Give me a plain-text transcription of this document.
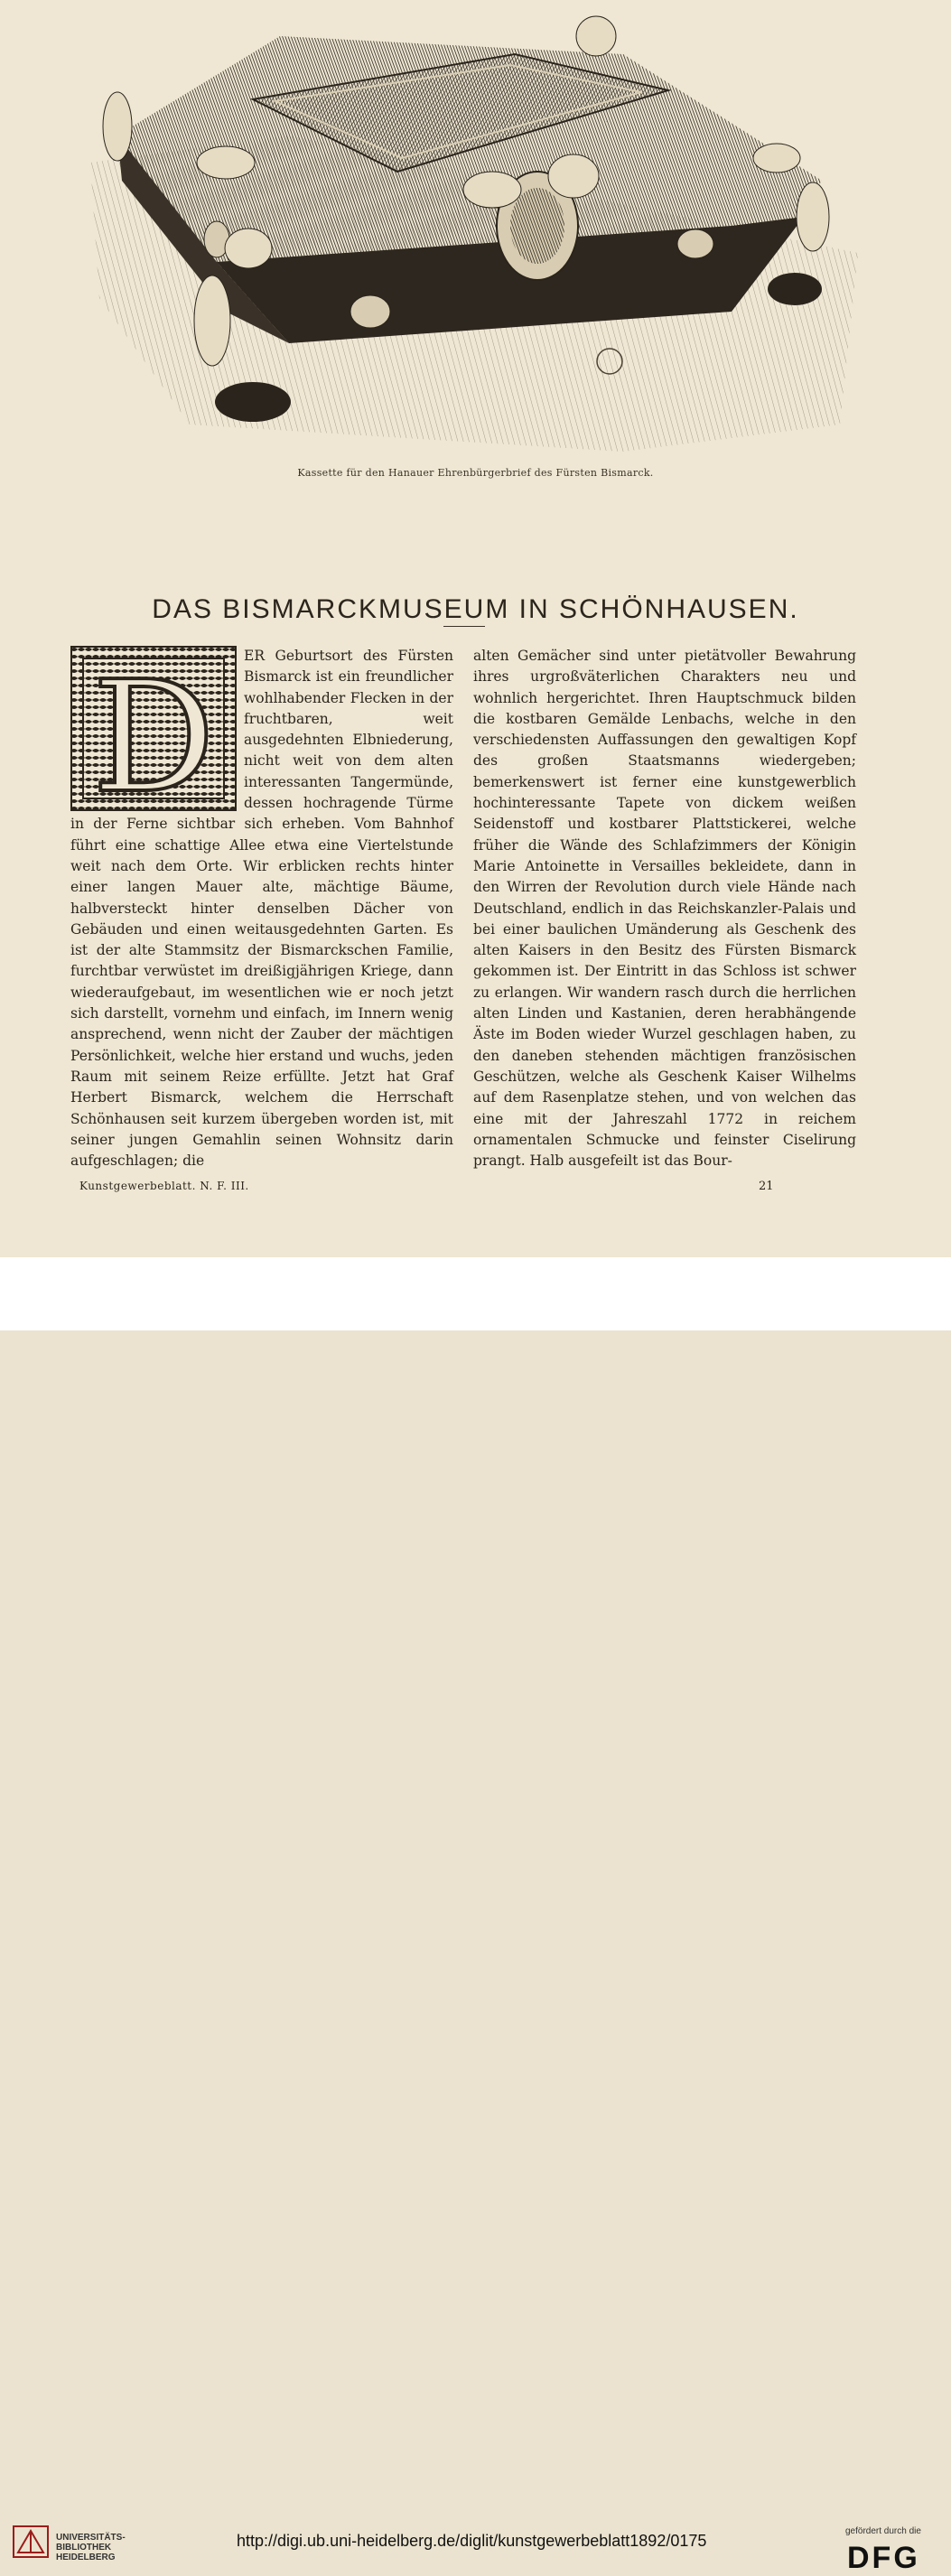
Kassette für den Hanauer Ehrenbürgerbrief des Fürsten Bismarck.
DAS BISMARCKMUSEUM IN SCHÖNHAUSEN.
D	ER Geburtsort des Fürsten Bismarck ist ein freundlicher wohlhabender Flecken in der fruchtbaren, weit ausgedehnten Elbniederung, nicht weit von dem alten interessanten Tangermünde, dessen hochragende Türme in der Ferne sichtbar sich erheben. Vom Bahnhof führt eine schattige Allee etwa eine Viertelstunde weit nach dem Orte. Wir erblicken rechts hinter einer langen Mauer alte, mächtige Bäume, halbversteckt hinter denselben Dächer von Gebäuden und einen weitausgedehnten Garten. Es ist der alte Stammsitz der Bismarckschen Familie, furchtbar verwüstet im dreißigjährigen Kriege, dann wiederaufgebaut, im wesentlichen wie er noch jetzt sich darstellt, vornehm und einfach, im Innern wenig ansprechend, wenn nicht der Zauber der mächtigen Persönlichkeit, welche hier erstand und wuchs, jeden Raum mit seinem Reize erfüllte. Jetzt hat Graf Herbert Bismarck, welchem die Herrschaft Schönhausen seit kurzem übergeben worden ist, mit seiner jungen Gemahlin seinen Wohnsitz darin aufgeschlagen; die

alten Gemächer sind unter pietätvoller Bewahrung ihres urgroßväterlichen Charakters neu und wohnlich hergerichtet. Ihren Hauptschmuck bilden die kostbaren Gemälde Lenbachs, welche in den verschiedensten Auffassungen den gewaltigen Kopf des großen Staatsmanns wiedergeben; bemerkenswert ist ferner eine kunstgewerblich hochinteressante Tapete von dickem weißen Seidenstoff und kostbarer Plattstickerei, welche früher die Wände des Schlafzimmers der Königin Marie Antoinette in Versailles bekleidete, dann in den Wirren der Revolution durch viele Hände nach Deutschland, endlich in das Reichskanzler-Palais und bei einer baulichen Umänderung als Geschenk des alten Kaisers in den Besitz des Fürsten Bismarck gekommen ist. Der Eintritt in das Schloss ist schwer zu erlangen. Wir wandern rasch durch die herrlichen alten Linden und Kastanien, deren herabhängende Äste im Boden wieder Wurzel geschlagen haben, zu den daneben stehenden mächtigen französischen Geschützen, welche als Geschenk Kaiser Wilhelms auf dem Rasenplatze stehen, und von welchen das eine mit der Jahreszahl 1772 in reichem ornamentalen Schmucke und feinster Ciselirung prangt. Halb ausgefeilt ist das Bour-

Kunstgewerbeblatt. N. F. III.	21
UNIVERSITÄTS-
BIBLIOTHEK
HEIDELBERG
http://digi.ub.uni-heidelberg.de/diglit/kunstgewerbeblatt1892/0175
gefördert durch die
DFG
